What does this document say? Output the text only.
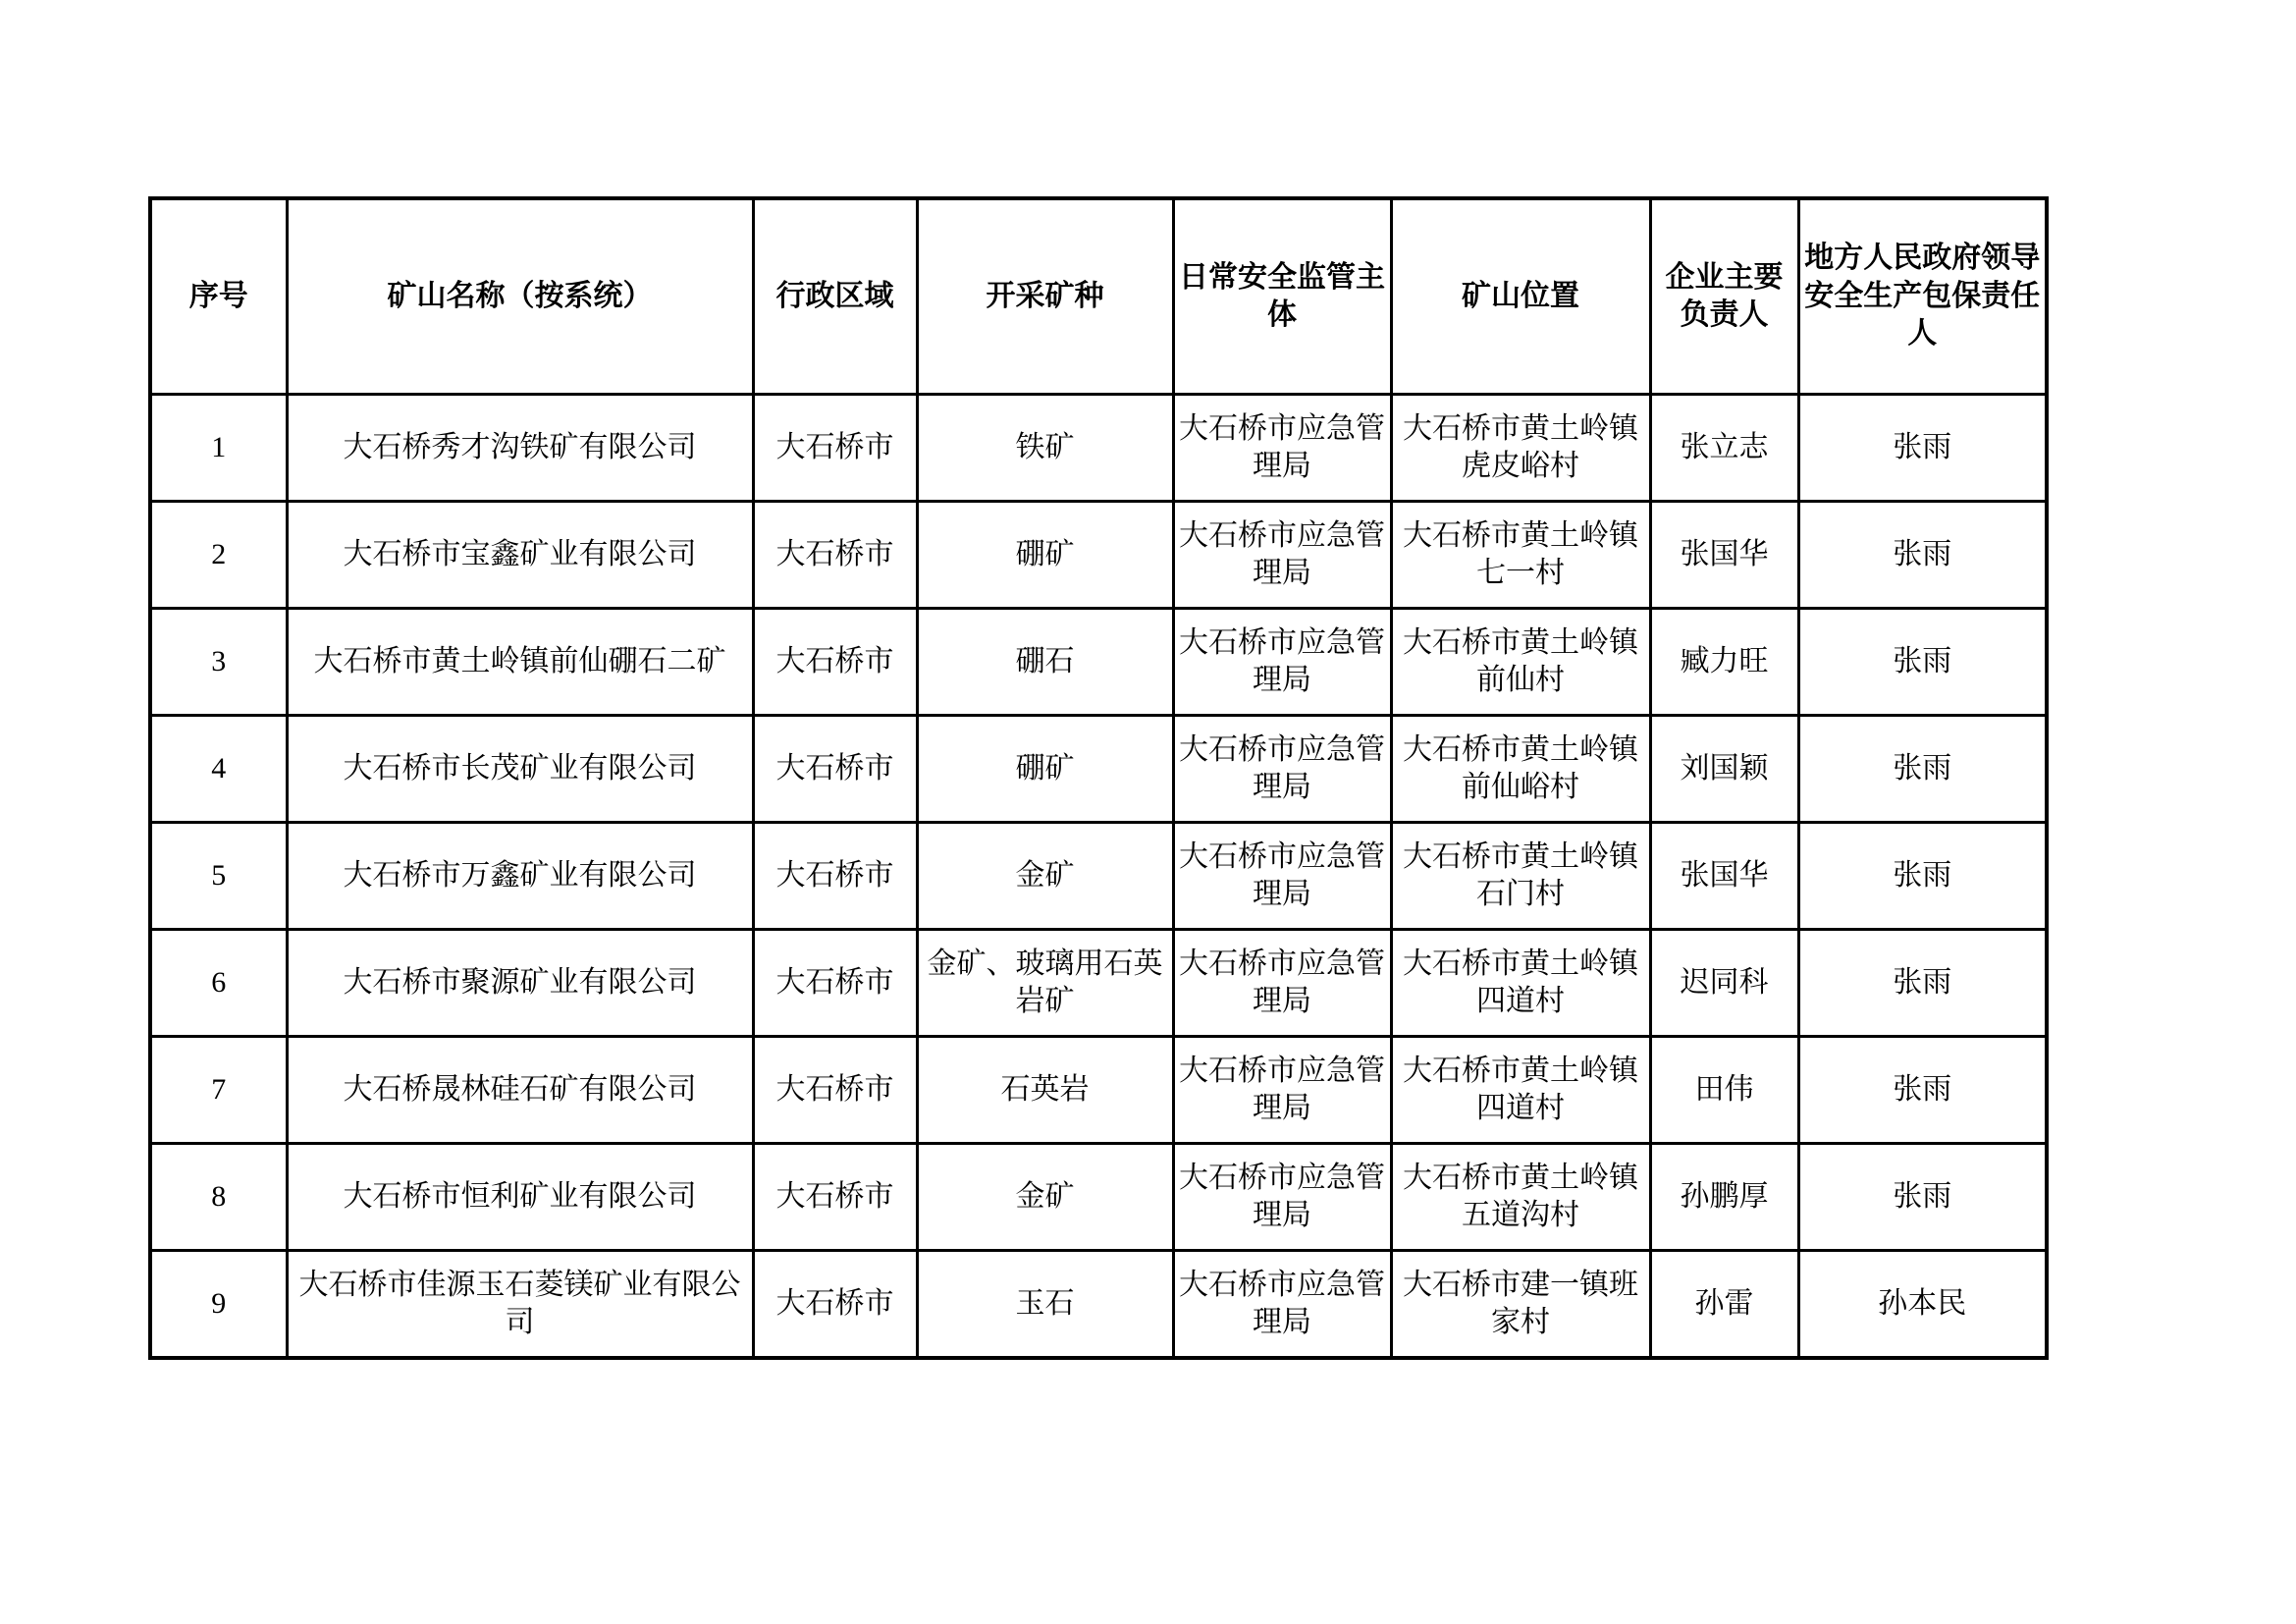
序号	矿山名称（按系统）	行政区域	开采矿种	日常安全监管主体	矿山位置	企业主要负责人	地方人民政府领导安全生产包保责任人
1	大石桥秀才沟铁矿有限公司	大石桥市	铁矿	大石桥市应急管理局	大石桥市黄土岭镇虎皮峪村	张立志	张雨
2	大石桥市宝鑫矿业有限公司	大石桥市	硼矿	大石桥市应急管理局	大石桥市黄土岭镇七一村	张国华	张雨
3	大石桥市黄土岭镇前仙硼石二矿	大石桥市	硼石	大石桥市应急管理局	大石桥市黄土岭镇前仙村	臧力旺	张雨
4	大石桥市长茂矿业有限公司	大石桥市	硼矿	大石桥市应急管理局	大石桥市黄土岭镇前仙峪村	刘国颖	张雨
5	大石桥市万鑫矿业有限公司	大石桥市	金矿	大石桥市应急管理局	大石桥市黄土岭镇石门村	张国华	张雨
6	大石桥市聚源矿业有限公司	大石桥市	金矿、玻璃用石英岩矿	大石桥市应急管理局	大石桥市黄土岭镇四道村	迟同科	张雨
7	大石桥晟林硅石矿有限公司	大石桥市	石英岩	大石桥市应急管理局	大石桥市黄土岭镇四道村	田伟	张雨
8	大石桥市恒利矿业有限公司	大石桥市	金矿	大石桥市应急管理局	大石桥市黄土岭镇五道沟村	孙鹏厚	张雨
9	大石桥市佳源玉石菱镁矿业有限公司	大石桥市	玉石	大石桥市应急管理局	大石桥市建一镇班家村	孙雷	孙本民
